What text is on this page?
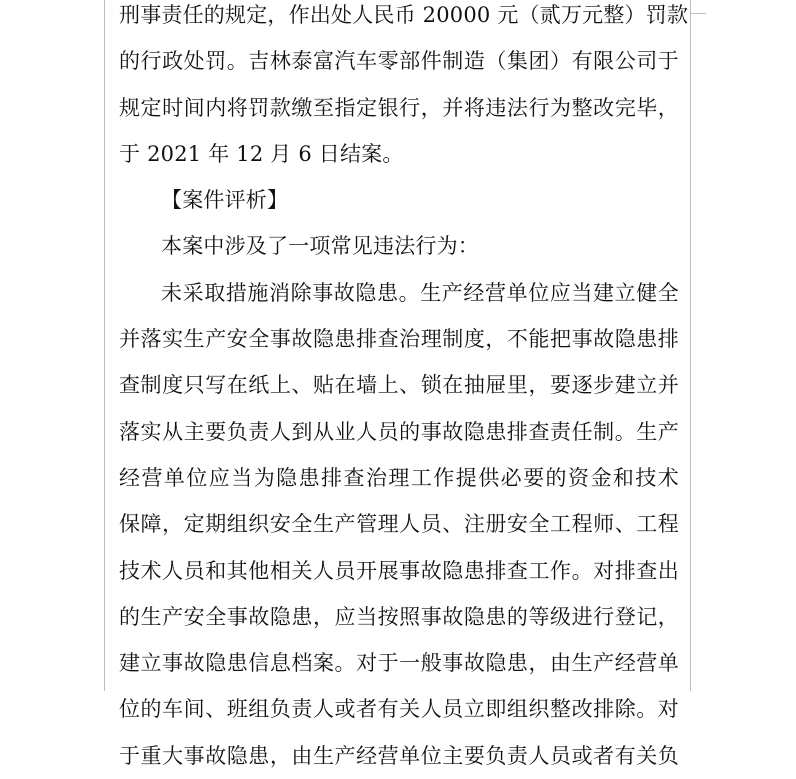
刑事责任的规定，作出处人民币 20000 元（贰万元整）罚款
的行政处罚。吉林泰富汽车零部件制造（集团）有限公司于
规定时间内将罚款缴至指定银行，并将违法行为整改完毕，
于 2021 年 12 月 6 日结案。
【案件评析】
本案中涉及了一项常见违法行为：
未采取措施消除事故隐患。生产经营单位应当建立健全
并落实生产安全事故隐患排查治理制度，不能把事故隐患排
查制度只写在纸上、贴在墙上、锁在抽屉里，要逐步建立并
落实从主要负责人到从业人员的事故隐患排查责任制。生产
经营单位应当为隐患排查治理工作提供必要的资金和技术
保障，定期组织安全生产管理人员、注册安全工程师、工程
技术人员和其他相关人员开展事故隐患排查工作。对排查出
的生产安全事故隐患，应当按照事故隐患的等级进行登记，
建立事故隐患信息档案。对于一般事故隐患，由生产经营单
位的车间、班组负责人或者有关人员立即组织整改排除。对
于重大事故隐患，由生产经营单位主要负责人员或者有关负
